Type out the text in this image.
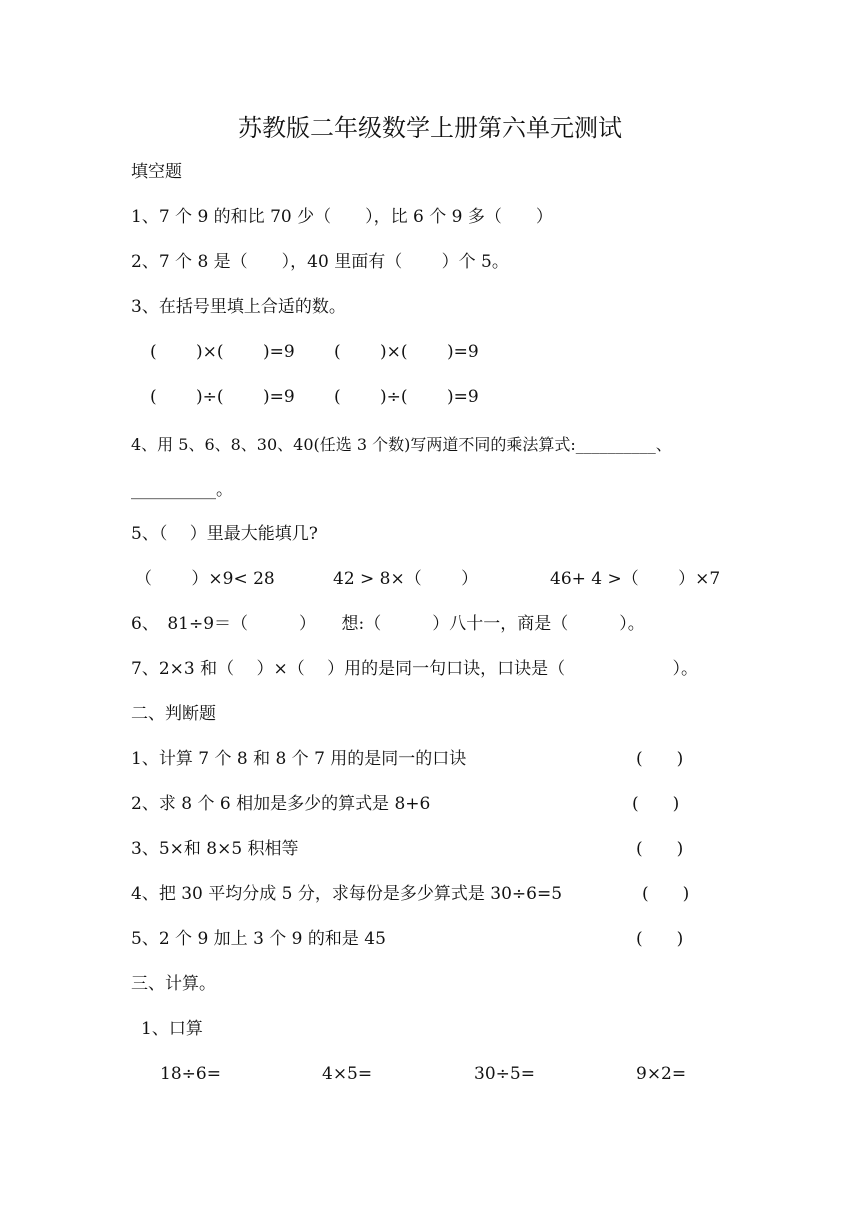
苏教版二年级数学上册第六单元测试
填空题
1、7 个 9 的和比 70 少（　　），比 6 个 9 多（　　）
2、7 个 8 是（　　），40 里面有（　　 ）个 5。
3、在括号里填上合适的数。
(　　 )×(　　 )=9 (　　 )×(　　 )=9
(　　 )÷(　　 )=9 (　　 )÷(　　 )=9
4、用 5、6、8、30、40(任选 3 个数)写两道不同的乘法算式:__________、
__________。
5、（　 ）里最大能填几?
（　　 ）×9< 28	42 > 8×（　　 ）	46+ 4 >（　　 ）×7
6、　81÷9＝（　　　）　　想:（　　　）八十一，商是（　　　）。
7、2×3 和（　 ）×（　 ）用的是同一句口诀，口诀是（　　　　　　 ）。
二、判断题
1、计算 7 个 8 和 8 个 7 用的是同一的口诀	(　　)
2、求 8 个 6 相加是多少的算式是 8+6	(　　)
3、5×和 8×5 积相等	(　　)
4、把 30 平均分成 5 分，求每份是多少算式是 30÷6=5	(　　)
5、2 个 9 加上 3 个 9 的和是 45	(　　)
三、计算。
1、口算
18÷6=	4×5=	30÷5=	9×2=
